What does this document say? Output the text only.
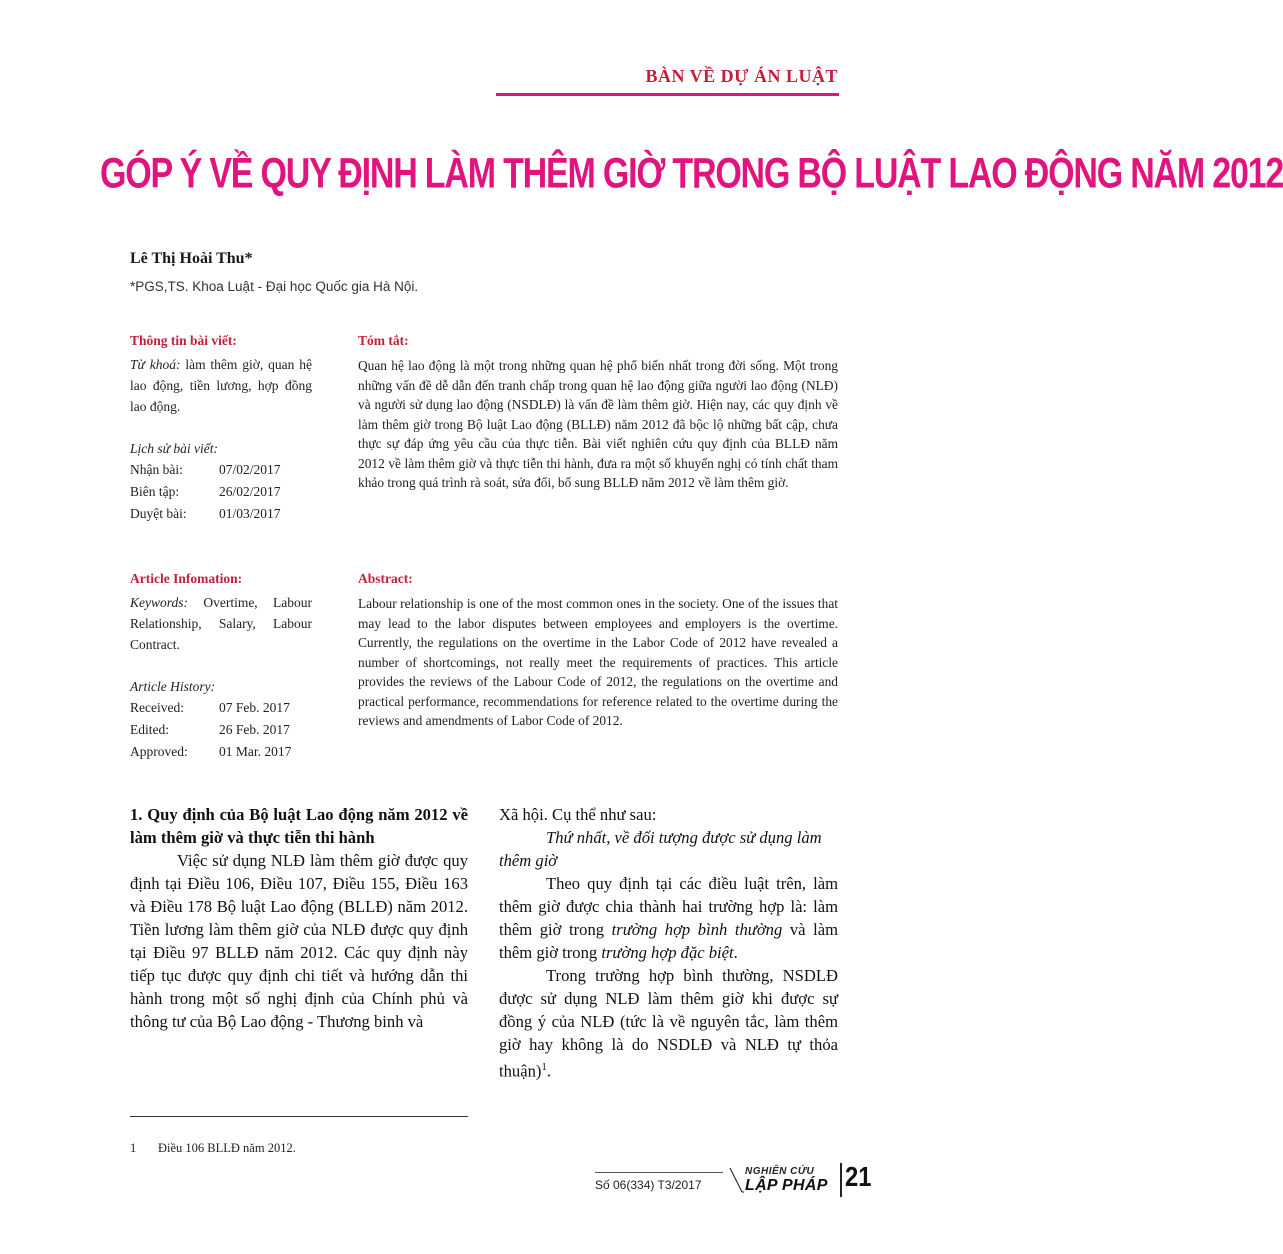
BÀN VỀ DỰ ÁN LUẬT
GÓP Ý VỀ QUY ĐỊNH LÀM THÊM GIỜ TRONG BỘ LUẬT LAO ĐỘNG NĂM 2012
Lê Thị Hoài Thu*
*PGS,TS. Khoa Luật - Đại học Quốc gia Hà Nội.
Thông tin bài viết:
Từ khoá: làm thêm giờ, quan hệ lao động, tiền lương, hợp đồng lao động.
Lịch sử bài viết:
Nhận bài:	07/02/2017
Biên tập:	26/02/2017
Duyệt bài: 01/03/2017
Tóm tắt:
Quan hệ lao động là một trong những quan hệ phổ biến nhất trong đời sống. Một trong những vấn đề dễ dẫn đến tranh chấp trong quan hệ lao động giữa người lao động (NLĐ) và người sử dụng lao động (NSDLĐ) là vấn đề làm thêm giờ. Hiện nay, các quy định về làm thêm giờ trong Bộ luật Lao động (BLLĐ) năm 2012 đã bộc lộ những bất cập, chưa thực sự đáp ứng yêu cầu của thực tiễn. Bài viết nghiên cứu quy định của BLLĐ năm 2012 về làm thêm giờ và thực tiễn thi hành, đưa ra một số khuyến nghị có tính chất tham khảo trong quá trình rà soát, sửa đổi, bổ sung BLLĐ năm 2012 về làm thêm giờ.
Article Infomation:
Keywords: Overtime, Labour Relationship, Salary, Labour Contract.
Article History:
Received:	07 Feb. 2017
Edited:	26 Feb. 2017
Approved: 01 Mar. 2017
Abstract:
Labour relationship is one of the most common ones in the society. One of the issues that may lead to the labor disputes between employees and employers is the overtime. Currently, the regulations on the overtime in the Labor Code of 2012 have revealed a number of shortcomings, not really meet the requirements of practices. This article provides the reviews of the Labour Code of 2012, the regulations on the overtime and practical performance, recommendations for reference related to the overtime during the reviews and amendments of Labor Code of 2012.

1. Quy định của Bộ luật Lao động năm 2012 về làm thêm giờ và thực tiễn thi hành

Việc sử dụng NLĐ làm thêm giờ được quy định tại Điều 106, Điều 107, Điều 155, Điều 163 và Điều 178 Bộ luật Lao động (BLLĐ) năm 2012. Tiền lương làm thêm giờ của NLĐ được quy định tại Điều 97 BLLĐ năm 2012. Các quy định này tiếp tục được quy định chi tiết và hướng dẫn thi hành trong một số nghị định của Chính phủ và thông tư của Bộ Lao động - Thương binh và

Xã hội. Cụ thể như sau:

Thứ nhất, về đối tượng được sử dụng làm thêm giờ

Theo quy định tại các điều luật trên, làm thêm giờ được chia thành hai trường hợp là: làm thêm giờ trong trường hợp bình thường và làm thêm giờ trong trường hợp đặc biệt.

Trong trường hợp bình thường, NSDLĐ được sử dụng NLĐ làm thêm giờ khi được sự đồng ý của NLĐ (tức là về nguyên tắc, làm thêm giờ hay không là do NSDLĐ và NLĐ tự thỏa thuận)$^1$.

1 Điều 106 BLLĐ năm 2012.
Số 06(334) T3/2017
NGHIÊN CỨU
LẬP PHÁP 21
